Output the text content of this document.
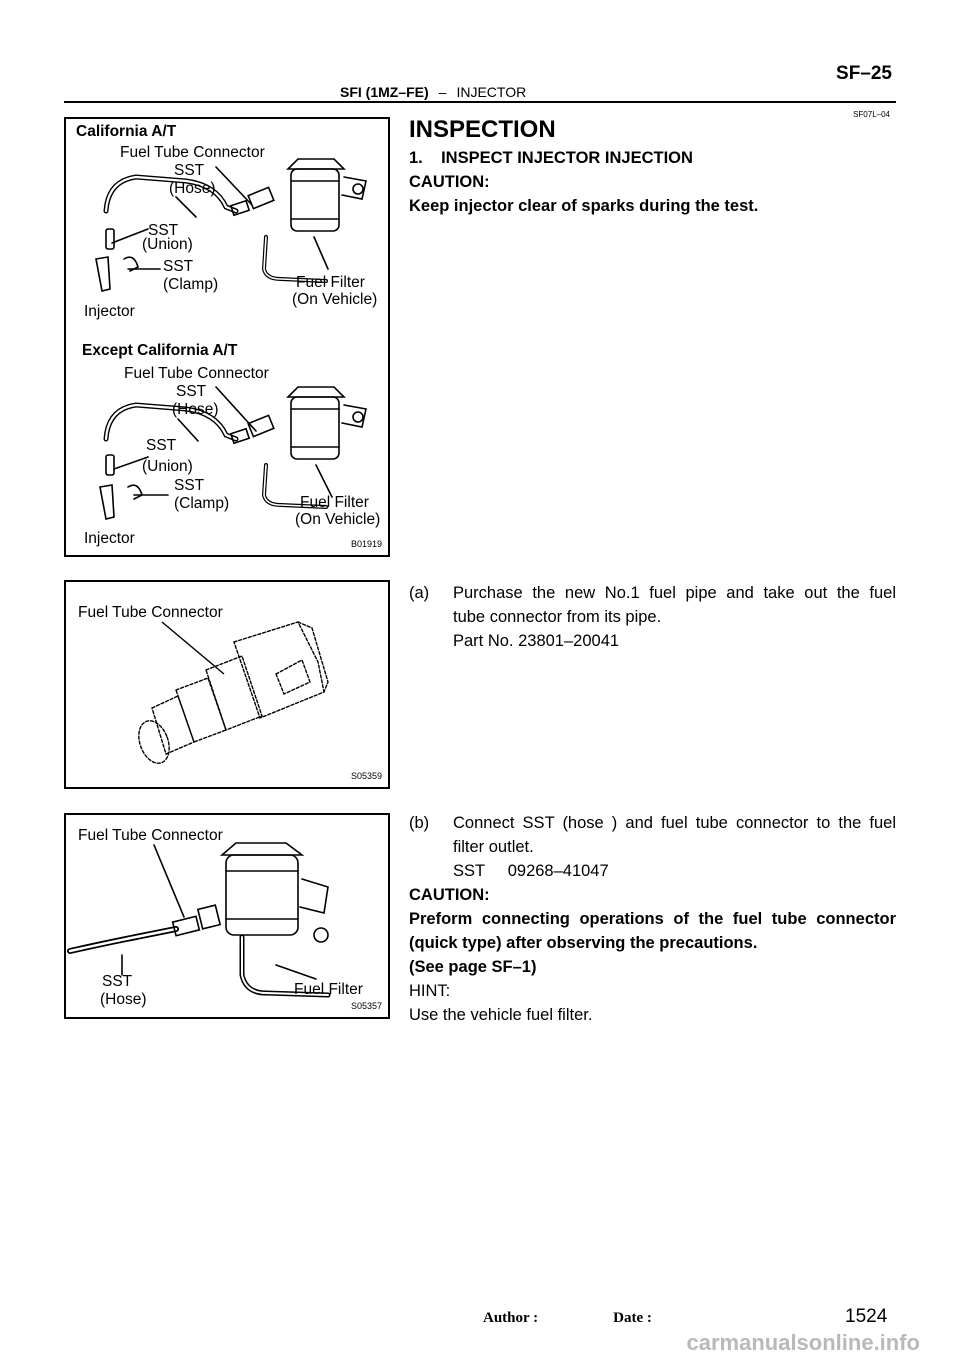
SF–25
SFI (1MZ–FE) – INJECTOR
SF07L–04
California A/T
Fuel Tube Connector
SST
(Hose)
SST
(Union)
SST
(Clamp)	Fuel Filter
(On Vehicle)
Injector
Except California A/T
Fuel Tube Connector
SST
(Hose)
SST
(Union)
SST
(Clamp)	Fuel Filter
(On Vehicle)
Injector	B01919
Fuel Tube Connector
S05359
Fuel Tube Connector
SST
(Hose)
Fuel Filter
S05357
INSPECTION
1.    INSPECT INJECTOR INJECTION
CAUTION:
Keep injector clear of sparks during the test.
(a) Purchase the new No.1 fuel pipe and take out the fuel
tube connector from its pipe.
Part No. 23801–20041
(b) Connect SST (hose ) and fuel tube connector to the fuel
filter outlet.
SST     09268–41047
CAUTION:
Preform connecting operations of the fuel tube connector
(quick type) after observing the precautions.
(See page SF–1)
HINT:
Use the vehicle fuel filter.
Author :                    Date :	1524
carmanualsonline.info
